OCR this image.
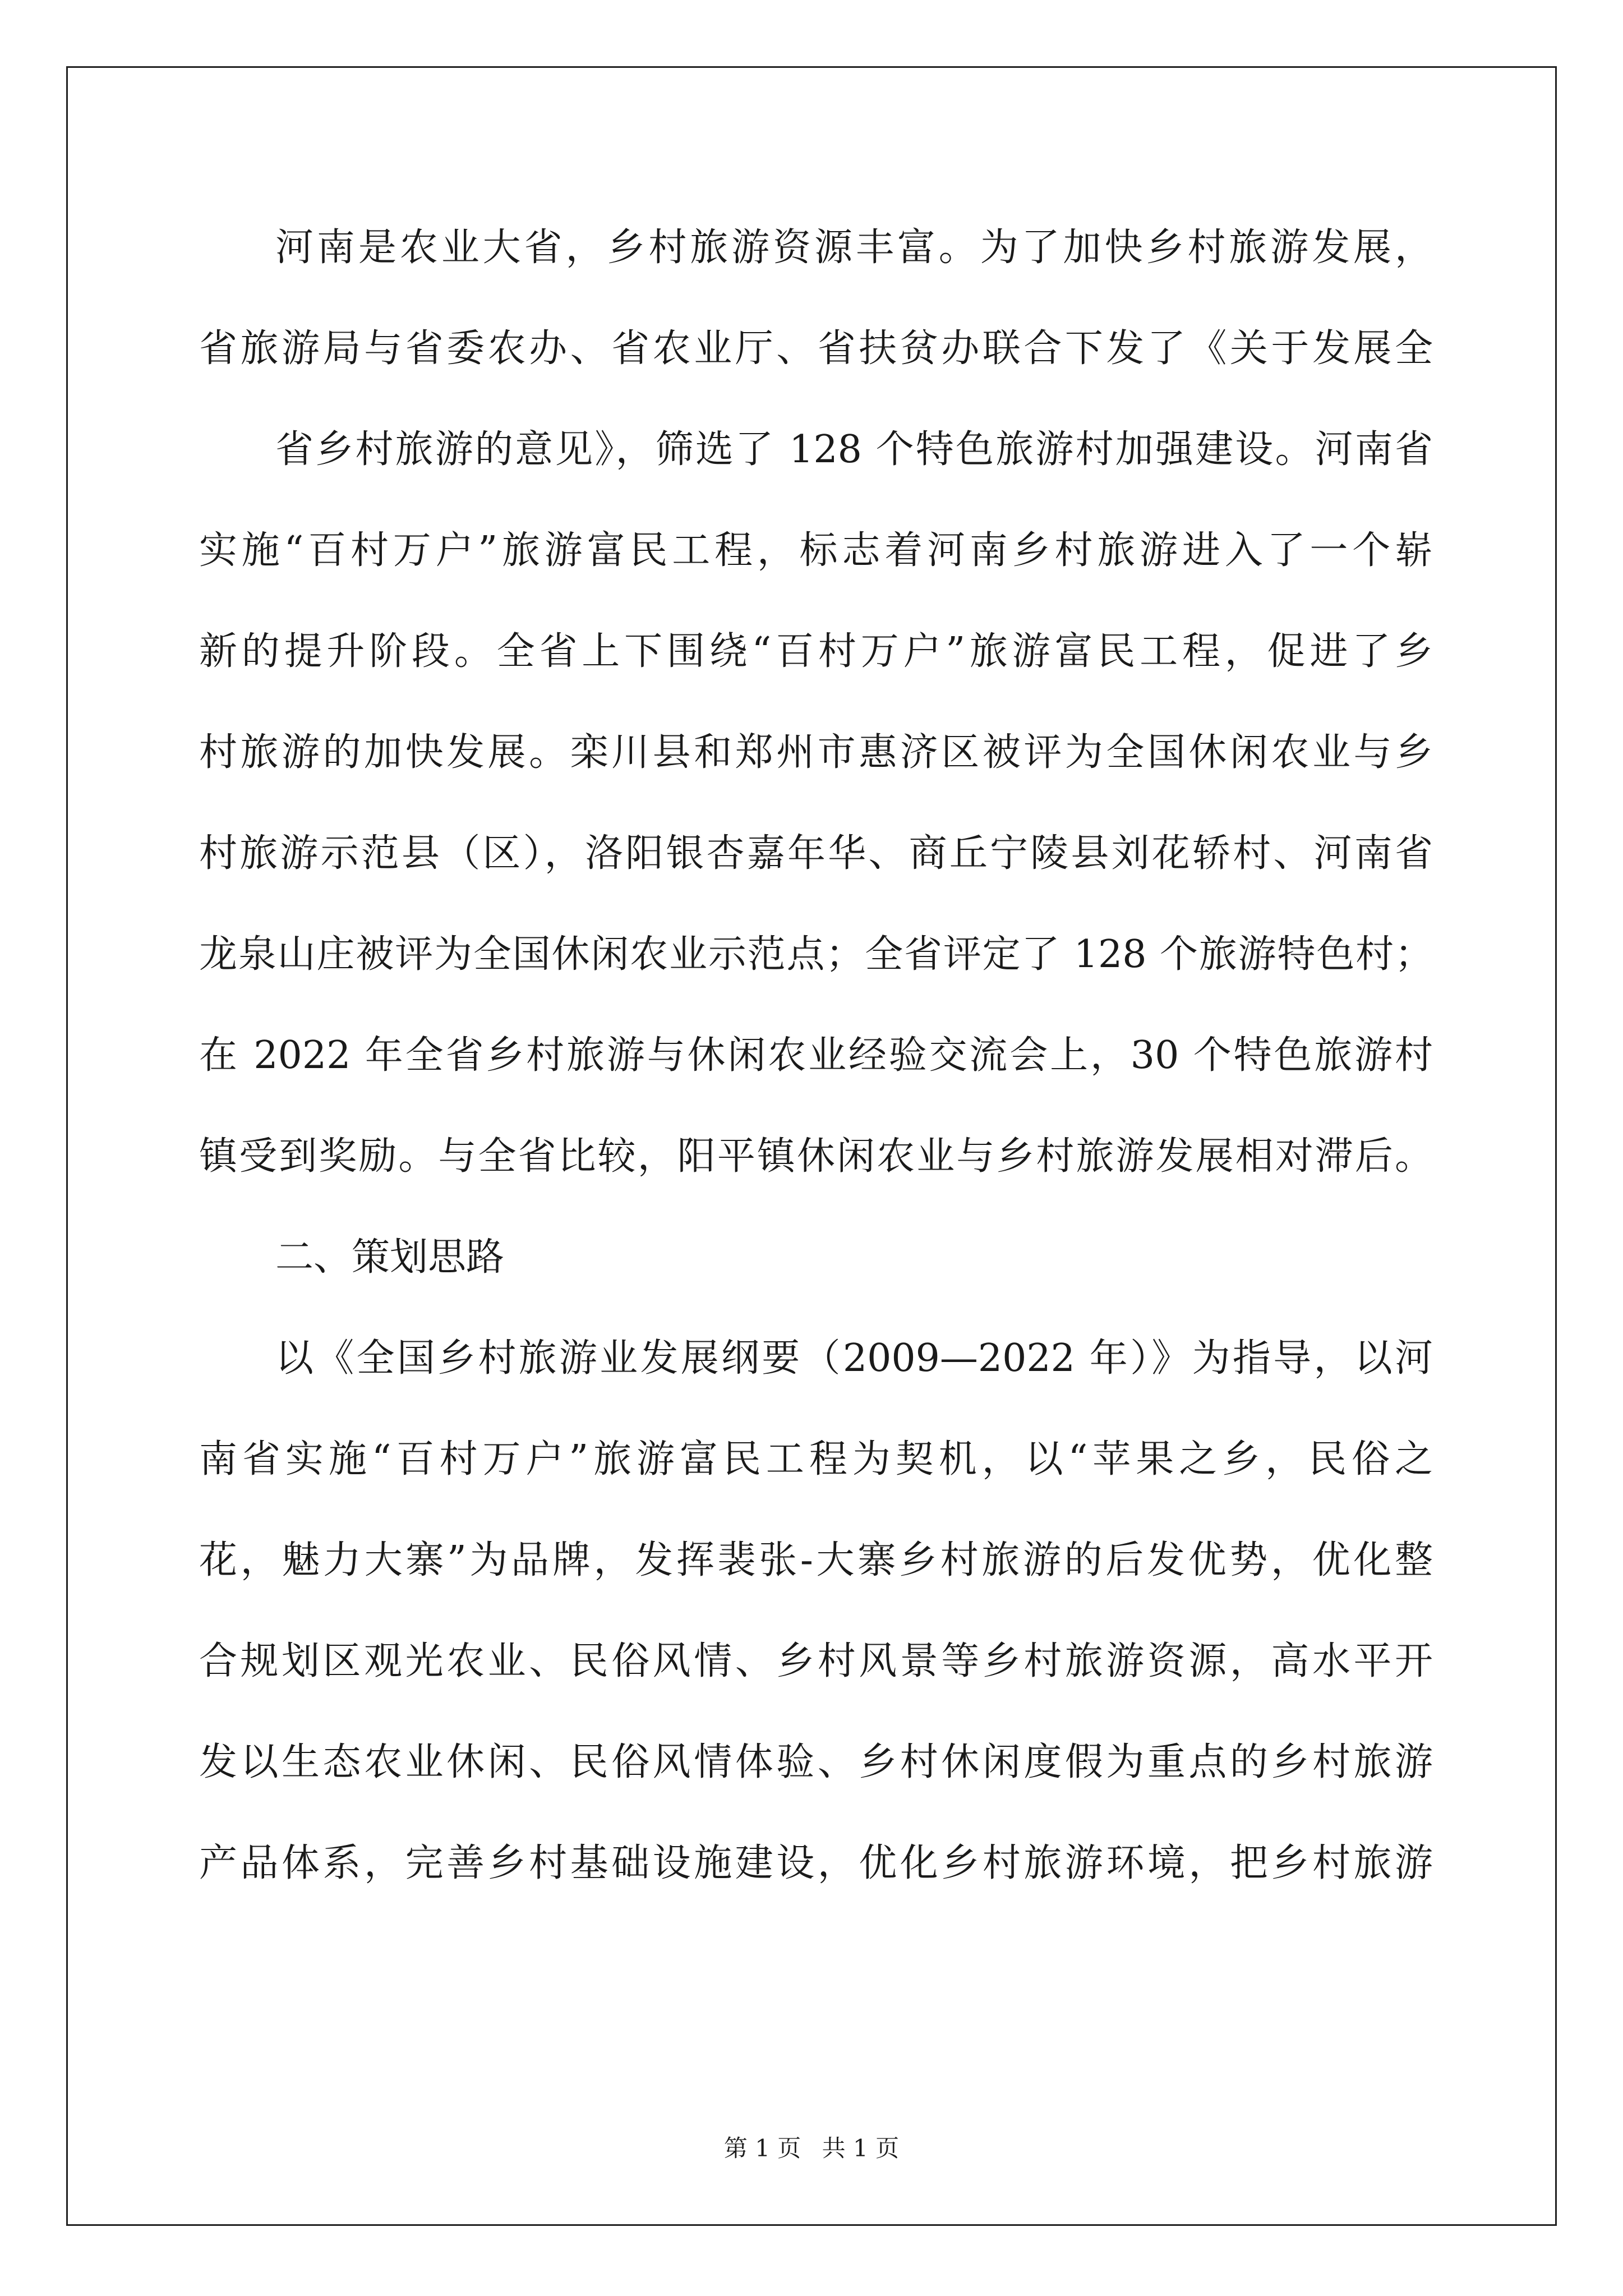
河南是农业大省，乡村旅游资源丰富。为了加快乡村旅游发展，
省旅游局与省委农办、省农业厅、省扶贫办联合下发了《关于发展全
省乡村旅游的意见》，筛选了 128 个特色旅游村加强建设。河南省
实施“百村万户”旅游富民工程，标志着河南乡村旅游进入了一个崭
新的提升阶段。全省上下围绕“百村万户”旅游富民工程，促进了乡
村旅游的加快发展。栾川县和郑州市惠济区被评为全国休闲农业与乡
村旅游示范县（区），洛阳银杏嘉年华、商丘宁陵县刘花轿村、河南省
龙泉山庄被评为全国休闲农业示范点；全省评定了 128 个旅游特色村；
在 2022 年全省乡村旅游与休闲农业经验交流会上，30 个特色旅游村
镇受到奖励。与全省比较，阳平镇休闲农业与乡村旅游发展相对滞后。
二、策划思路
以《全国乡村旅游业发展纲要（2009—2022 年）》为指导，以河
南省实施“百村万户”旅游富民工程为契机，以“苹果之乡，民俗之
花，魅力大寨”为品牌，发挥裴张-大寨乡村旅游的后发优势，优化整
合规划区观光农业、民俗风情、乡村风景等乡村旅游资源，高水平开
发以生态农业休闲、民俗风情体验、乡村休闲度假为重点的乡村旅游
产品体系，完善乡村基础设施建设，优化乡村旅游环境，把乡村旅游
第 1 页 共 1 页
